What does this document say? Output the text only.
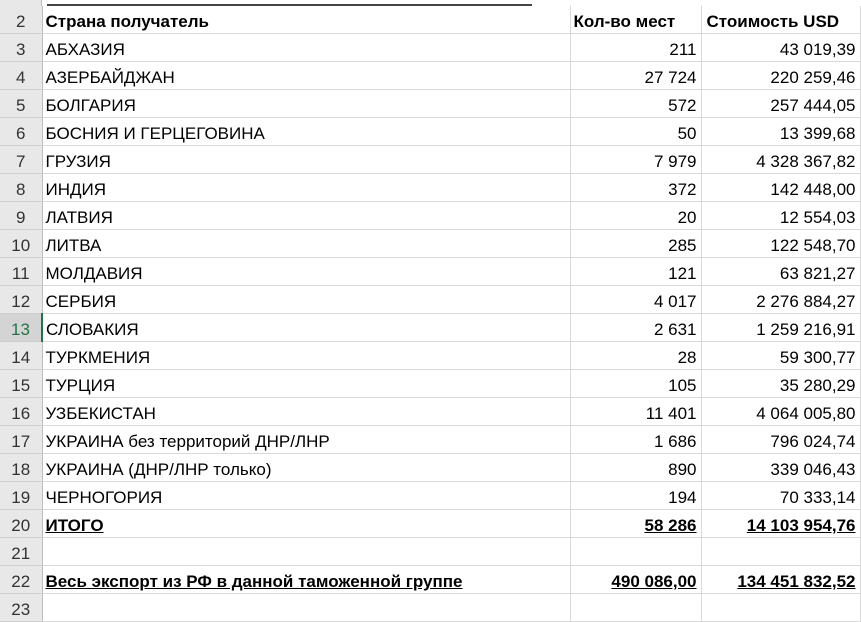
2	Страна получатель	Кол-во мест	Стоимость USD
3	АБХАЗИЯ	211	43 019,39
4	АЗЕРБАЙДЖАН	27 724	220 259,46
5	БОЛГАРИЯ	572	257 444,05
6	БОСНИЯ И ГЕРЦЕГОВИНА	50	13 399,68
7	ГРУЗИЯ	7 979	4 328 367,82
8	ИНДИЯ	372	142 448,00
9	ЛАТВИЯ	20	12 554,03
10	ЛИТВА	285	122 548,70
11	МОЛДАВИЯ	121	63 821,27
12	СЕРБИЯ	4 017	2 276 884,27
13	СЛОВАКИЯ	2 631	1 259 216,91
14	ТУРКМЕНИЯ	28	59 300,77
15	ТУРЦИЯ	105	35 280,29
16	УЗБЕКИСТАН	11 401	4 064 005,80
17	УКРАИНА без территорий ДНР/ЛНР	1 686	796 024,74
18	УКРАИНА (ДНР/ЛНР только)	890	339 046,43
19	ЧЕРНОГОРИЯ	194	70 333,14
20	ИТОГО	58 286	14 103 954,76
21			
22	Весь экспорт из РФ в данной таможенной группе	490 086,00	134 451 832,52
23			
